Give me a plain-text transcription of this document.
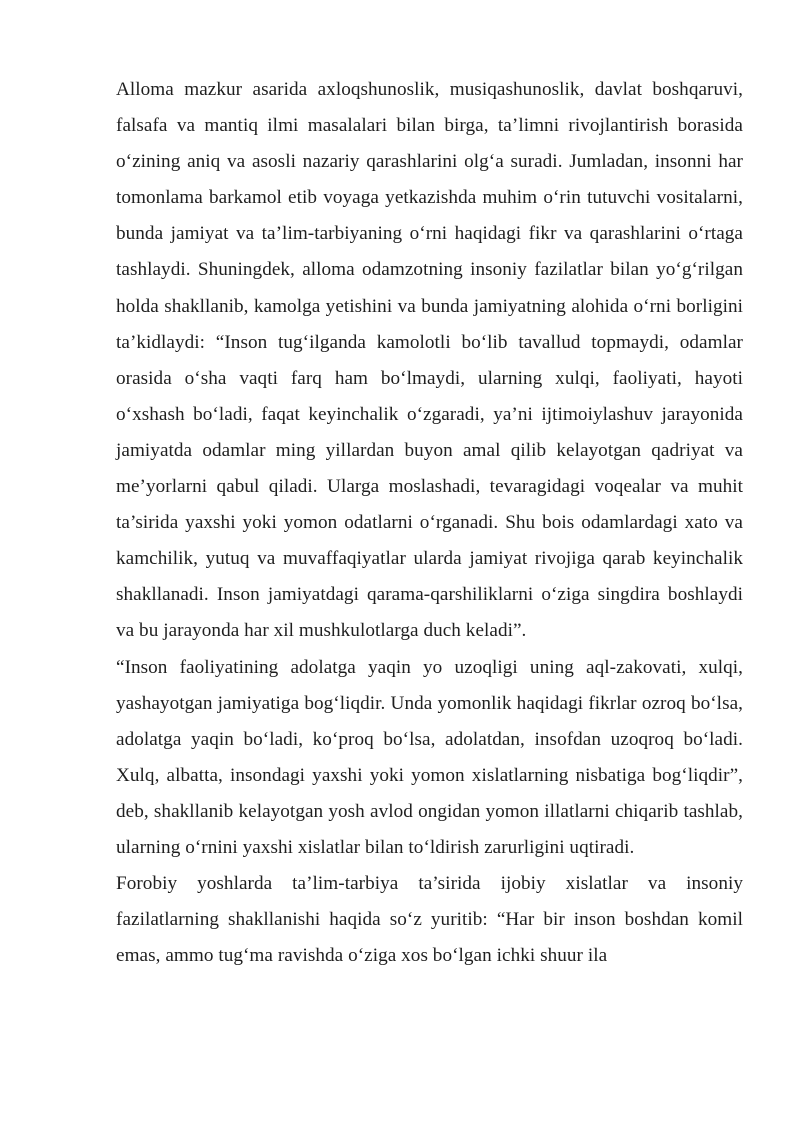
Alloma mazkur asarida axloqshunoslik, musiqashunoslik, davlat boshqaruvi, falsafa va mantiq ilmi masalalari bilan birga, ta’limni rivojlantirish borasida o‘zining aniq va asosli nazariy qarashlarini olg‘a suradi. Jumladan, insonni har tomonlama barkamol etib voyaga yetkazishda muhim o‘rin tutuvchi vositalarni, bunda jamiyat va ta’lim-tarbiyaning o‘rni haqidagi fikr va qarashlarini o‘rtaga tashlaydi. Shuningdek, alloma odamzotning insoniy fazilatlar bilan yo‘g‘rilgan holda shakllanib, kamolga yetishini va bunda jamiyatning alohida o‘rni borligini ta’kidlaydi: “Inson tug‘ilganda kamolotli bo‘lib tavallud topmaydi, odamlar orasida o‘sha vaqti farq ham bo‘lmaydi, ularning xulqi, faoliyati, hayoti o‘xshash bo‘ladi, faqat keyinchalik o‘zgaradi, ya’ni ijtimoiylashuv jarayonida jamiyatda odamlar ming yillardan buyon amal qilib kelayotgan qadriyat va me’yorlarni qabul qiladi. Ularga moslashadi, tevaragidagi voqealar va muhit ta’sirida yaxshi yoki yomon odatlarni o‘rganadi. Shu bois odamlardagi xato va kamchilik, yutuq va muvaffaqiyatlar ularda jamiyat rivojiga qarab keyinchalik shakllanadi. Inson jamiyatdagi qarama-qarshiliklarni o‘ziga singdira boshlaydi va bu jarayonda har xil mushkulotlarga duch keladi”.

“Inson faoliyatining adolatga yaqin yo uzoqligi uning aql-zakovati, xulqi, yashayotgan jamiyatiga bog‘liqdir. Unda yomonlik haqidagi fikrlar ozroq bo‘lsa, adolatga yaqin bo‘ladi, ko‘proq bo‘lsa, adolatdan, insofdan uzoqroq bo‘ladi. Xulq, albatta, insondagi yaxshi yoki yomon xislatlarning nisbatiga bog‘liqdir”, deb, shakllanib kelayotgan yosh avlod ongidan yomon illatlarni chiqarib tashlab, ularning o‘rnini yaxshi xislatlar bilan to‘ldirish zarurligini uqtiradi.

Forobiy yoshlarda ta’lim-tarbiya ta’sirida ijobiy xislatlar va insoniy fazilatlarning shakllanishi haqida so‘z yuritib: “Har bir inson boshdan komil emas, ammo tug‘ma ravishda o‘ziga xos bo‘lgan ichki shuur ila
